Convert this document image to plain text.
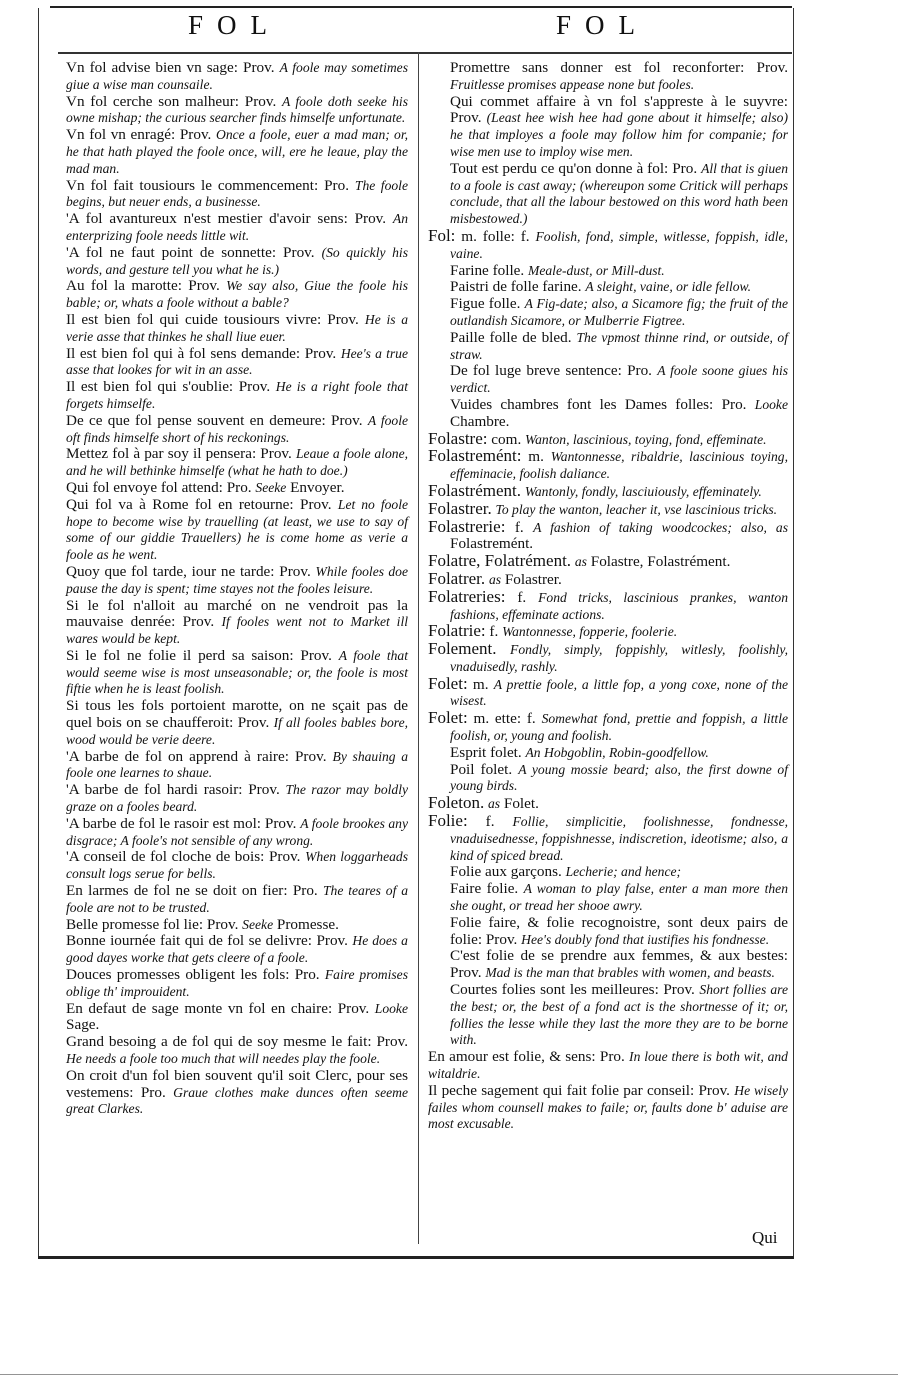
FOL	FOL

Vn fol advise bien vn sage: Prov. A foole may sometimes giue a wise man counsaile.

Vn fol cerche son malheur: Prov. A foole doth seeke his owne mishap; the curious searcher finds himselfe unfortunate.

Vn fol vn enragé: Prov. Once a foole, euer a mad man; or, he that hath played the foole once, will, ere he leaue, play the mad man.

Vn fol fait tousiours le commencement: Pro. The foole begins, but neuer ends, a businesse.

'A fol avantureux n'est mestier d'avoir sens: Prov. An enterprizing foole needs little wit.

'A fol ne faut point de sonnette: Prov. (So quickly his words, and gesture tell you what he is.)

Au fol la marotte: Prov. We say also, Giue the foole his bable; or, whats a foole without a bable?

Il est bien fol qui cuide tousiours vivre: Prov. He is a verie asse that thinkes he shall liue euer.

Il est bien fol qui à fol sens demande: Prov. Hee's a true asse that lookes for wit in an asse.

Il est bien fol qui s'oublie: Prov. He is a right foole that forgets himselfe.

De ce que fol pense souvent en demeure: Prov. A foole oft finds himselfe short of his reckonings.

Mettez fol à par soy il pensera: Prov. Leaue a foole alone, and he will bethinke himselfe (what he hath to doe.)

Qui fol envoye fol attend: Pro. Seeke Envoyer.

Qui fol va à Rome fol en retourne: Prov. Let no foole hope to become wise by trauelling (at least, we use to say of some of our giddie Trauellers) he is come home as verie a foole as he went.

Quoy que fol tarde, iour ne tarde: Prov. While fooles doe pause the day is spent; time stayes not the fooles leisure.

Si le fol n'alloit au marché on ne vendroit pas la mauvaise denrée: Prov. If fooles went not to Market ill wares would be kept.

Si le fol ne folie il perd sa saison: Prov. A foole that would seeme wise is most unseasonable; or, the foole is most fiftie when he is least foolish.

Si tous les fols portoient marotte, on ne sçait pas de quel bois on se chaufferoit: Prov. If all fooles bables bore, wood would be verie deere.

'A barbe de fol on apprend à raire: Prov. By shauing a foole one learnes to shaue.

'A barbe de fol hardi rasoir: Prov. The razor may boldly graze on a fooles beard.

'A barbe de fol le rasoir est mol: Prov. A foole brookes any disgrace; A foole's not sensible of any wrong.

'A conseil de fol cloche de bois: Prov. When loggarheads consult logs serue for bells.

En larmes de fol ne se doit on fier: Pro. The teares of a foole are not to be trusted.

Belle promesse fol lie: Prov. Seeke Promesse.

Bonne iournée fait qui de fol se delivre: Prov. He does a good dayes worke that gets cleere of a foole.

Douces promesses obligent les fols: Pro. Faire promises oblige th' improuident.

En defaut de sage monte vn fol en chaire: Prov. Looke Sage.

Grand besoing a de fol qui de soy mesme le fait: Prov. He needs a foole too much that will needes play the foole.

On croit d'un fol bien souvent qu'il soit Clerc, pour ses vestemens: Pro. Graue clothes make dunces often seeme great Clarkes.

Promettre sans donner est fol reconforter: Prov. Fruitlesse promises appease none but fooles.

Qui commet affaire à vn fol s'appreste à le suyvre: Prov. (Least hee wish hee had gone about it himselfe; also) he that imployes a foole may follow him for companie; for wise men use to imploy wise men.

Tout est perdu ce qu'on donne à fol: Pro. All that is giuen to a foole is cast away; (whereupon some Critick will perhaps conclude, that all the labour bestowed on this word hath been misbestowed.)

Fol: m. folle: f. Foolish, fond, simple, witlesse, foppish, idle, vaine.

Farine folle. Meale-dust, or Mill-dust.

Paistri de folle farine. A sleight, vaine, or idle fellow.

Figue folle. A Fig-date; also, a Sicamore fig; the fruit of the outlandish Sicamore, or Mulberrie Figtree.

Paille folle de bled. The vpmost thinne rind, or outside, of straw.

De fol luge breve sentence: Pro. A foole soone giues his verdict.

Vuides chambres font les Dames folles: Pro. Looke Chambre.

Folastre: com. Wanton, lascinious, toying, fond, effeminate.

Folastremént: m. Wantonnesse, ribaldrie, lascinious toying, effeminacie, foolish daliance.

Folastrément. Wantonly, fondly, lasciuiously, effeminately.

Folastrer. To play the wanton, leacher it, vse lascinious tricks.

Folastrerie: f. A fashion of taking woodcockes; also, as Folastremént.

Folatre, Folatrément. as Folastre, Folastrément.

Folatrer. as Folastrer.

Folatreries: f. Fond tricks, lascinious prankes, wanton fashions, effeminate actions.

Folatrie: f. Wantonnesse, fopperie, foolerie.

Folement. Fondly, simply, foppishly, witlesly, foolishly, vnaduisedly, rashly.

Folet: m. A prettie foole, a little fop, a yong coxe, none of the wisest.

Folet: m. ette: f. Somewhat fond, prettie and foppish, a little foolish, or, young and foolish.

Esprit folet. An Hobgoblin, Robin-goodfellow.

Poil folet. A young mossie beard; also, the first downe of young birds.

Foleton. as Folet.

Folie: f. Follie, simplicitie, foolishnesse, fondnesse, vnaduisednesse, foppishnesse, indiscretion, ideotisme; also, a kind of spiced bread.

Folie aux garçons. Lecherie; and hence;

Faire folie. A woman to play false, enter a man more then she ought, or tread her shooe awry.

Folie faire, & folie recognoistre, sont deux pairs de folie: Prov. Hee's doubly fond that iustifies his fondnesse.

C'est folie de se prendre aux femmes, & aux bestes: Prov. Mad is the man that brables with women, and beasts.

Courtes folies sont les meilleures: Prov. Short follies are the best; or, the best of a fond act is the shortnesse of it; or, follies the lesse while they last the more they are to be borne with.

En amour est folie, & sens: Pro. In loue there is both wit, and witaldrie.

Il peche sagement qui fait folie par conseil: Prov. He wisely failes whom counsell makes to faile; or, faults done b' aduise are most excusable.

Qui
